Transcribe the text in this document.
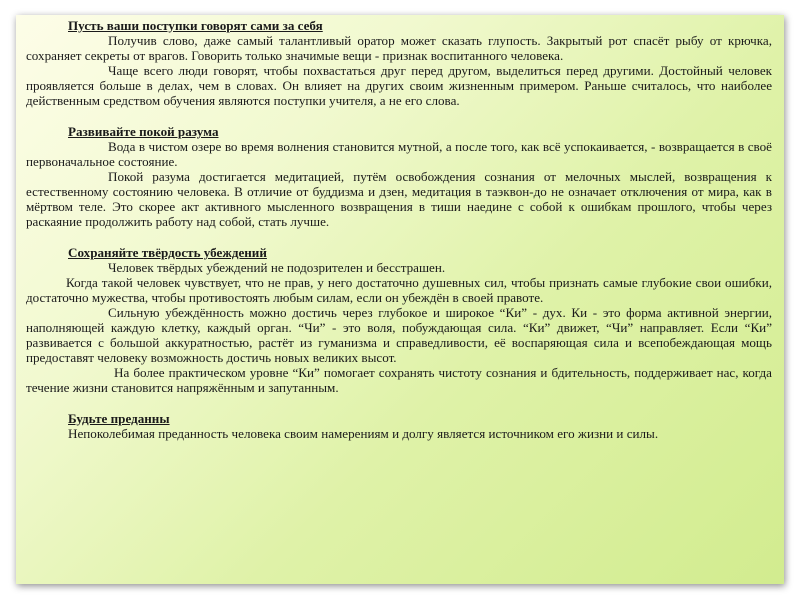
Пусть ваши поступки говорят сами за себя

Получив слово, даже самый талантливый оратор может сказать глупость. Закрытый рот спасёт рыбу от крючка, сохраняет секреты от врагов. Говорить только значимые вещи - признак воспитанного человека.

Чаще всего люди говорят, чтобы похвастаться друг перед другом, выделиться перед другими. Достойный человек проявляется больше в делах, чем в словах. Он влияет на других своим жизненным примером. Раньше считалось, что наиболее действенным средством обучения являются поступки учителя, а не его слова.

Развивайте покой разума

Вода в чистом озере во время волнения становится мутной, а после того, как всё успокаивается, - возвращается в своё первоначальное состояние.

Покой разума достигается медитацией, путём освобождения сознания от мелочных мыслей, возвращения к естественному состоянию человека. В отличие от буддизма и дзен, медитация в таэквон-до не означает отключения от мира, как в мёртвом теле. Это скорее акт активного мысленного возвращения в тиши наедине с собой к ошибкам прошлого, чтобы через раскаяние продолжить работу над собой, стать лучше.

Сохраняйте твёрдость убеждений

Человек твёрдых убеждений не подозрителен и бесстрашен.

Когда такой человек чувствует, что не прав, у него достаточно душевных сил, чтобы признать самые глубокие свои ошибки, достаточно мужества, чтобы противостоять любым силам, если он убеждён в своей правоте.

Сильную убеждённость можно достичь через глубокое и широкое “Ки” - дух. Ки - это форма активной энергии, наполняющей каждую клетку, каждый орган. “Чи” - это воля, побуждающая сила. “Ки” движет, “Чи” направляет. Если “Ки” развивается с большой аккуратностью, растёт из гуманизма и справедливости, её воспаряющая сила и всепобеждающая мощь предоставят человеку возможность достичь новых великих высот.

На более практическом уровне “Ки” помогает сохранять чистоту сознания и бдительность, поддерживает нас, когда течение жизни становится напряжённым и запутанным.

Будьте преданны

Непоколебимая преданность человека своим намерениям и долгу является источником его жизни и силы.
